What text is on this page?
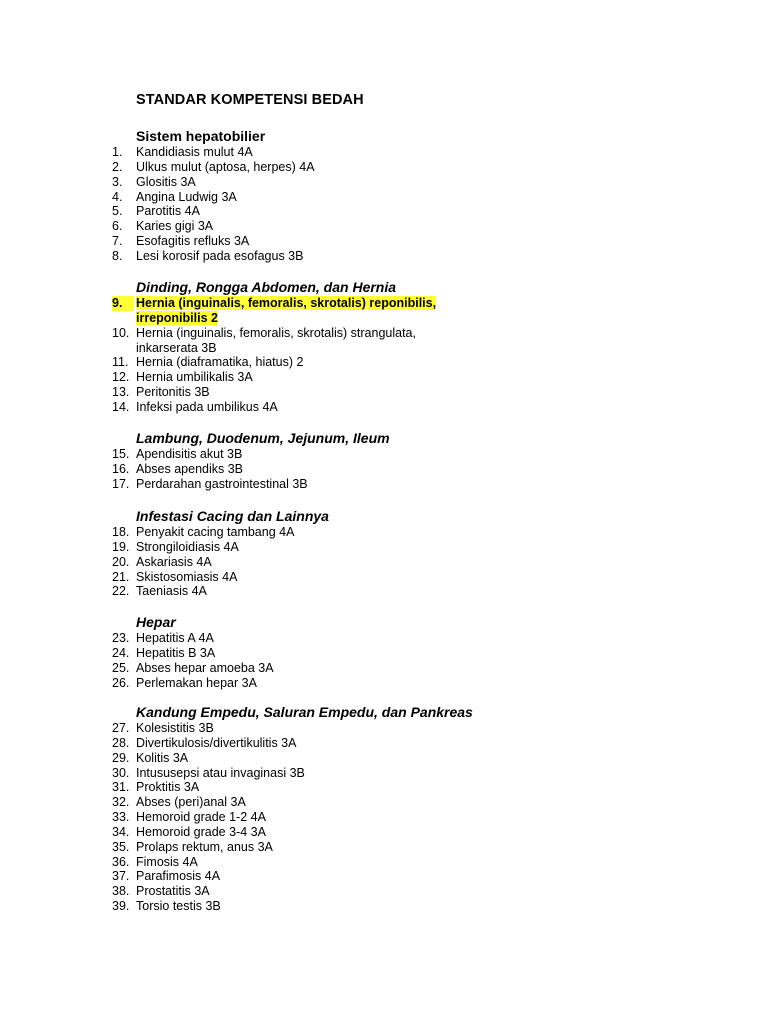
STANDAR KOMPETENSI BEDAH
Sistem hepatobilier
1.	Kandidiasis mulut 4A
2.	Ulkus mulut (aptosa, herpes) 4A
3.	Glositis 3A
4.	Angina Ludwig 3A
5.	Parotitis 4A
6.	Karies gigi 3A
7.	Esofagitis refluks 3A
8.	Lesi korosif pada esofagus 3B
Dinding, Rongga Abdomen, dan Hernia
9.	Hernia (inguinalis, femoralis, skrotalis) reponibilis,
irreponibilis 2
10. Hernia (inguinalis, femoralis, skrotalis) strangulata,
inkarserata 3B
11. Hernia (diaframatika, hiatus) 2
12. Hernia umbilikalis 3A
13. Peritonitis 3B
14. Infeksi pada umbilikus 4A
Lambung, Duodenum, Jejunum, Ileum
15. Apendisitis akut 3B
16. Abses apendiks 3B
17. Perdarahan gastrointestinal 3B
Infestasi Cacing dan Lainnya
18. Penyakit cacing tambang 4A
19. Strongiloidiasis 4A
20. Askariasis 4A
21. Skistosomiasis 4A
22. Taeniasis 4A
Hepar
23. Hepatitis A 4A
24. Hepatitis B 3A
25. Abses hepar amoeba 3A
26. Perlemakan hepar 3A
Kandung Empedu, Saluran Empedu, dan Pankreas
27. Kolesistitis 3B
28. Divertikulosis/divertikulitis 3A
29. Kolitis 3A
30. Intususepsi atau invaginasi 3B
31. Proktitis 3A
32. Abses (peri)anal 3A
33. Hemoroid grade 1-2 4A
34. Hemoroid grade 3-4 3A
35. Prolaps rektum, anus 3A
36. Fimosis 4A
37. Parafimosis 4A
38. Prostatitis 3A
39. Torsio testis 3B
